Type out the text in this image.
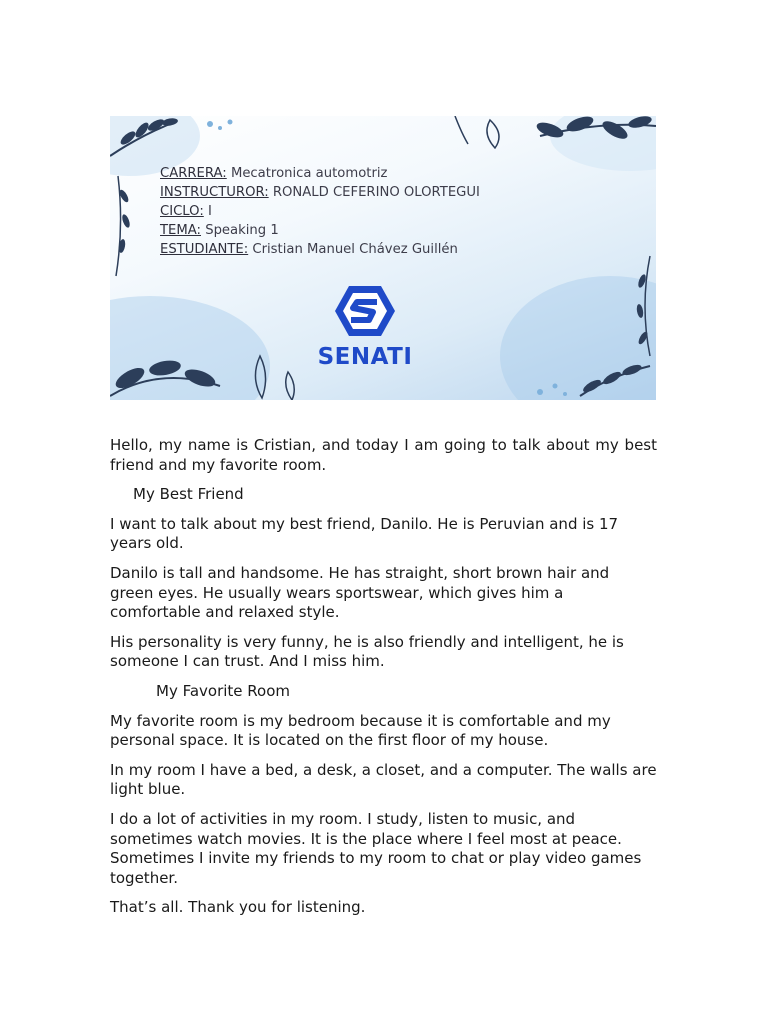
CARRERA: Mecatronica automotriz
INSTRUCTUROR: RONALD CEFERINO OLORTEGUI
CICLO: I
TEMA: Speaking 1
ESTUDIANTE: Cristian Manuel Chávez Guillén
SENATI

Hello, my name is Cristian, and today I am going to talk about my best friend and my favorite room.

My Best Friend

I want to talk about my best friend, Danilo. He is Peruvian and is 17 years old.

Danilo is tall and handsome. He has straight, short brown hair and green eyes. He usually wears sportswear, which gives him a comfortable and relaxed style.

His personality is very funny, he is also friendly and intelligent, he is someone I can trust. And I miss him.

My Favorite Room

My favorite room is my bedroom because it is comfortable and my personal space. It is located on the first floor of my house.

In my room I have a bed, a desk, a closet, and a computer. The walls are light blue.

I do a lot of activities in my room. I study, listen to music, and sometimes watch movies. It is the place where I feel most at peace. Sometimes I invite my friends to my room to chat or play video games together.

That’s all. Thank you for listening.
